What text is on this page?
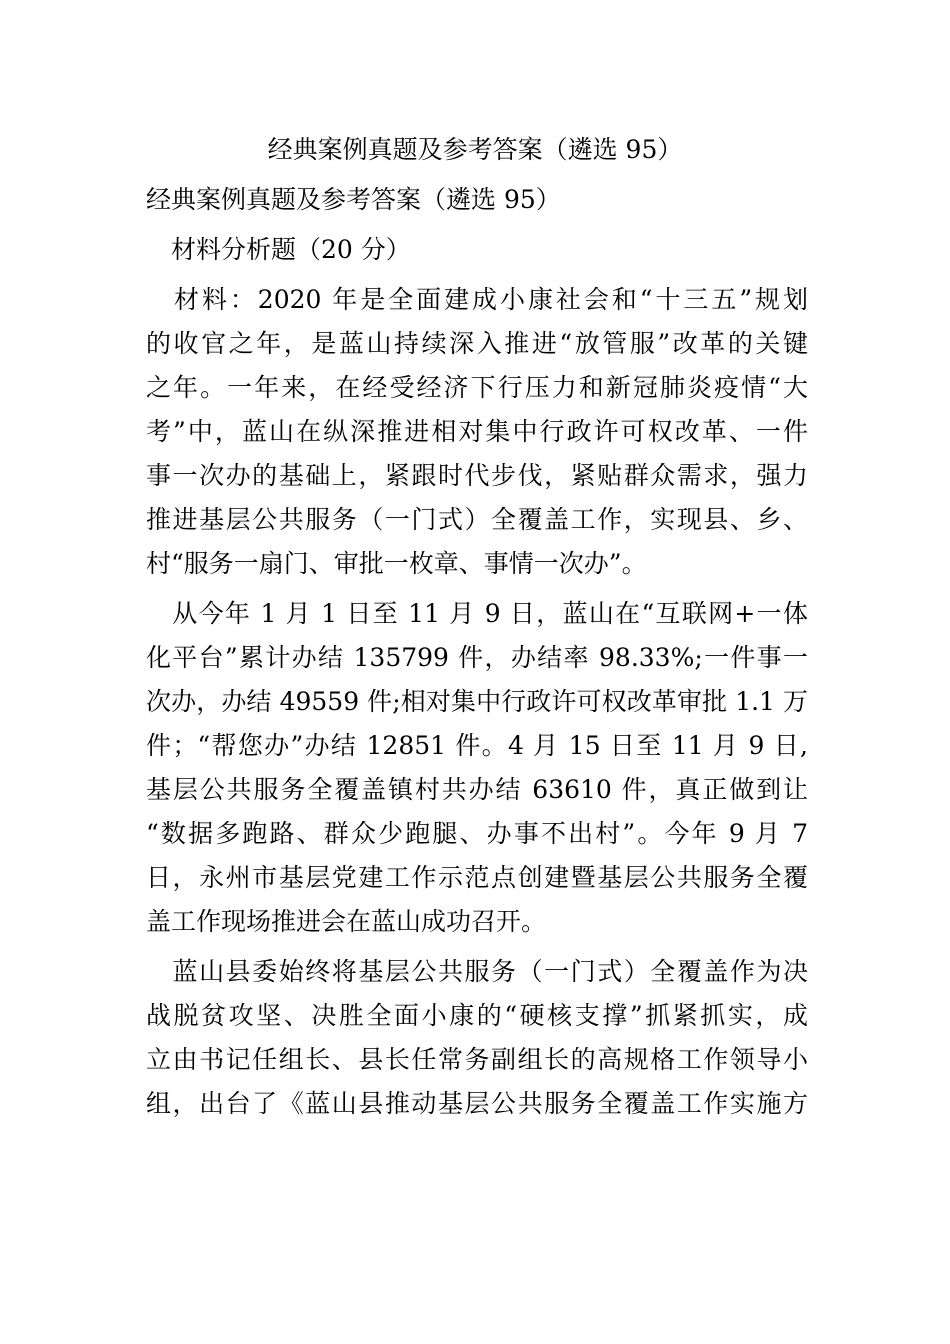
经典案例真题及参考答案（遴选 95）

经典案例真题及参考答案（遴选 95）

　材料分析题（20 分）

　材料：2020 年是全面建成小康社会和“十三五”规划

的收官之年，是蓝山持续深入推进“放管服”改革的关键

之年。一年来，在经受经济下行压力和新冠肺炎疫情“大

考”中，蓝山在纵深推进相对集中行政许可权改革、一件

事一次办的基础上，紧跟时代步伐，紧贴群众需求，强力

推进基层公共服务（一门式）全覆盖工作，实现县、乡、

村“服务一扇门、审批一枚章、事情一次办”。

　从今年 1 月 1 日至 11 月 9 日，蓝山在“互联网+一体

化平台”累计办结 135799 件，办结率 98.33%;一件事一

次办，办结 49559 件;相对集中行政许可权改革审批 1.1 万

件；“帮您办”办结 12851 件。4 月 15 日至 11 月 9 日,

基层公共服务全覆盖镇村共办结 63610 件，真正做到让

“数据多跑路、群众少跑腿、办事不出村”。今年 9 月 7

日，永州市基层党建工作示范点创建暨基层公共服务全覆

盖工作现场推进会在蓝山成功召开。

　蓝山县委始终将基层公共服务（一门式）全覆盖作为决

战脱贫攻坚、决胜全面小康的“硬核支撑”抓紧抓实，成

立由书记任组长、县长任常务副组长的高规格工作领导小

组，出台了《蓝山县推动基层公共服务全覆盖工作实施方
